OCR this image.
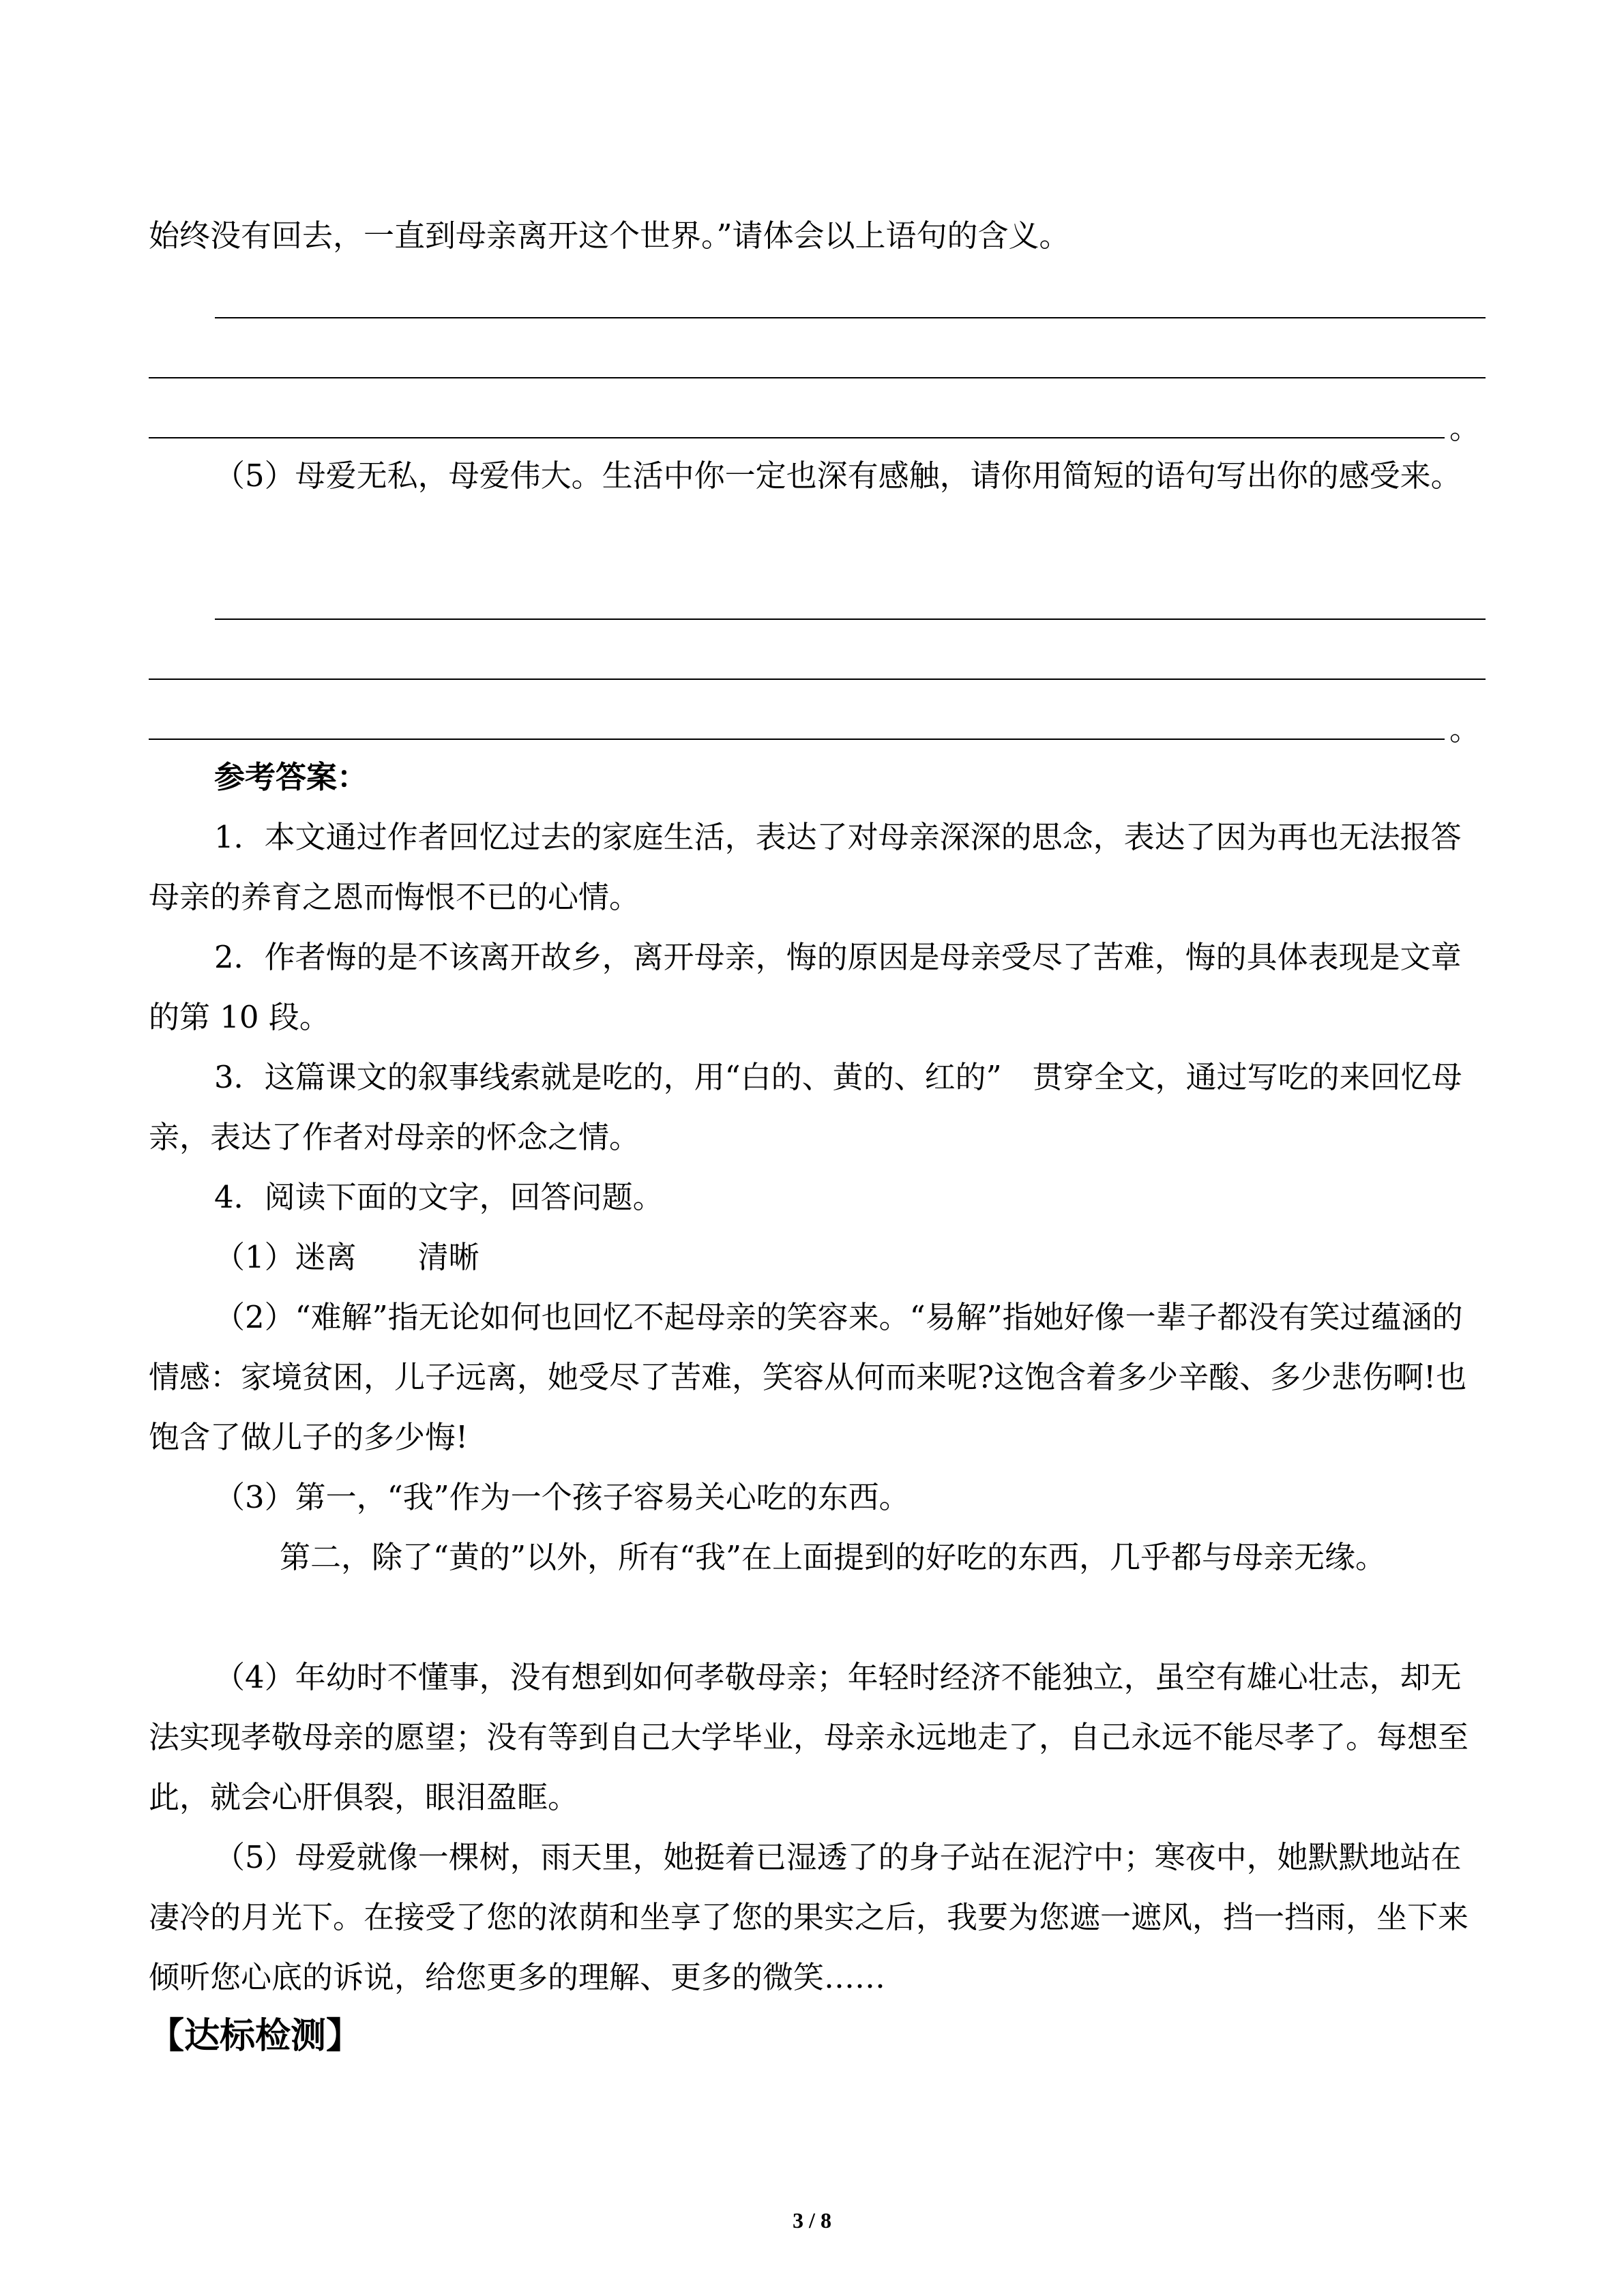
始终没有回去，一直到母亲离开这个世界。”请体会以上语句的含义。
。
（5）母爱无私，母爱伟大。生活中你一定也深有感触，请你用简短的语句写出你的感受来。
。
参考答案：
1．本文通过作者回忆过去的家庭生活，表达了对母亲深深的思念，表达了因为再也无法报答母亲的养育之恩而悔恨不已的心情。
2．作者悔的是不该离开故乡，离开母亲，悔的原因是母亲受尽了苦难，悔的具体表现是文章的第 10 段。
3．这篇课文的叙事线索就是吃的，用“白的、黄的、红的”　贯穿全文，通过写吃的来回忆母亲，表达了作者对母亲的怀念之情。
4．阅读下面的文字，回答问题。
（1）迷离　　清晰
（2）“难解”指无论如何也回忆不起母亲的笑容来。“易解”指她好像一辈子都没有笑过蕴涵的情感：家境贫困，儿子远离，她受尽了苦难，笑容从何而来呢?这饱含着多少辛酸、多少悲伤啊!也饱含了做儿子的多少悔!
（3）第一，“我”作为一个孩子容易关心吃的东西。
第二，除了“黄的”以外，所有“我”在上面提到的好吃的东西，几乎都与母亲无缘。
（4）年幼时不懂事，没有想到如何孝敬母亲；年轻时经济不能独立，虽空有雄心壮志，却无法实现孝敬母亲的愿望；没有等到自己大学毕业，母亲永远地走了，自己永远不能尽孝了。每想至此，就会心肝俱裂，眼泪盈眶。
（5）母爱就像一棵树，雨天里，她挺着已湿透了的身子站在泥泞中；寒夜中，她默默地站在凄冷的月光下。在接受了您的浓荫和坐享了您的果实之后，我要为您遮一遮风，挡一挡雨，坐下来倾听您心底的诉说，给您更多的理解、更多的微笑……
【达标检测】
3 / 8
